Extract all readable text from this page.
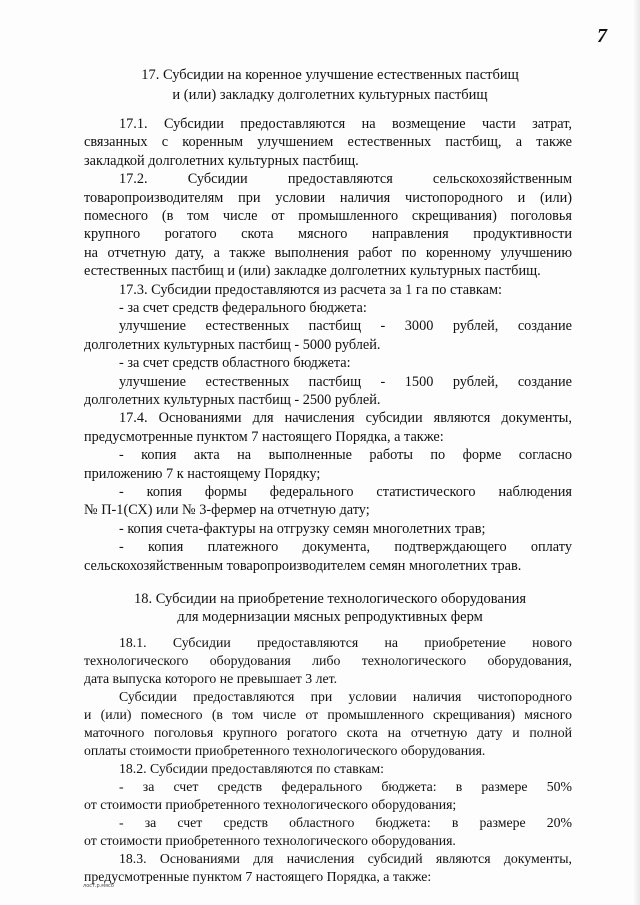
7
17. Субсидии на коренное улучшение естественных пастбищ
и (или) закладку долголетних культурных пастбищ
17.1. Субсидии предоставляются на возмещение части затрат,
связанных с коренным улучшением естественных пастбищ, а также
закладкой долголетних культурных пастбищ.
17.2. Субсидии предоставляются сельскохозяйственным
товаропроизводителям при условии наличия чистопородного и (или)
помесного (в том числе от промышленного скрещивания) поголовья
крупного рогатого скота мясного направления продуктивности
на отчетную дату, а также выполнения работ по коренному улучшению
естественных пастбищ и (или) закладке долголетних культурных пастбищ.
17.3. Субсидии предоставляются из расчета за 1 га по ставкам:
- за счет средств федерального бюджета:
улучшение естественных пастбищ - 3000 рублей, создание
долголетних культурных пастбищ - 5000 рублей.
- за счет средств областного бюджета:
улучшение естественных пастбищ - 1500 рублей, создание
долголетних культурных пастбищ - 2500 рублей.
17.4. Основаниями для начисления субсидии являются документы,
предусмотренные пунктом 7 настоящего Порядка, а также:
- копия акта на выполненные работы по форме согласно
приложению 7 к настоящему Порядку;
- копия формы федерального статистического наблюдения
№ П-1(СХ) или № 3-фермер на отчетную дату;
- копия счета-фактуры на отгрузку семян многолетних трав;
- копия платежного документа, подтверждающего оплату
сельскохозяйственным товаропроизводителем семян многолетних трав.
18. Субсидии на приобретение технологического оборудования
для модернизации мясных репродуктивных ферм
18.1. Субсидии предоставляются на приобретение нового
технологического оборудования либо технологического оборудования,
дата выпуска которого не превышает 3 лет.
Субсидии предоставляются при условии наличия чистопородного
и (или) помесного (в том числе от промышленного скрещивания) мясного
маточного поголовья крупного рогатого скота на отчетную дату и полной
оплаты стоимости приобретенного технологического оборудования.
18.2. Субсидии предоставляются по ставкам:
- за счет средств федерального бюджета: в размере 50%
от стоимости приобретенного технологического оборудования;
- за счет средств областного бюджета: в размере 20%
от стоимости приобретенного технологического оборудования.
лост.р.мясо
18.3. Основаниями для начисления субсидий являются документы,
предусмотренные пунктом 7 настоящего Порядка, а также:
